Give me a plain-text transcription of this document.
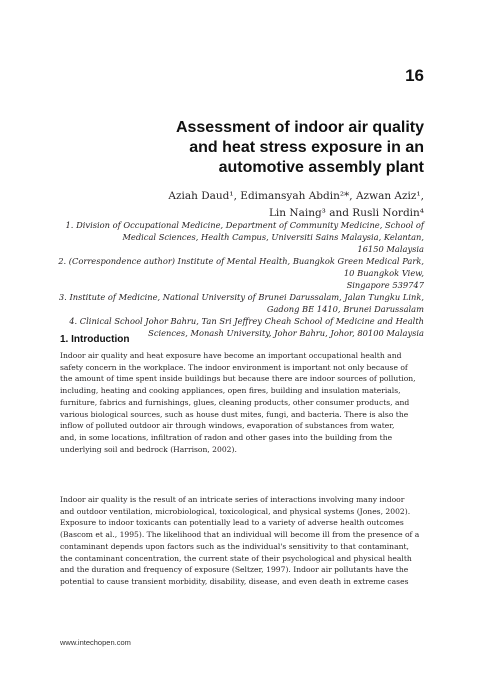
16
Assessment of indoor air quality
and heat stress exposure in an
automotive assembly plant
Aziah Daud¹, Edimansyah Abdin²*, Azwan Aziz¹,
Lin Naing³ and Rusli Nordin⁴
1. Division of Occupational Medicine, Department of Community Medicine, School of
Medical Sciences, Health Campus, Universiti Sains Malaysia, Kelantan,
16150 Malaysia
2. (Correspondence author) Institute of Mental Health, Buangkok Green Medical Park,
10 Buangkok View,
Singapore 539747
3. Institute of Medicine, National University of Brunei Darussalam, Jalan Tungku Link,
Gadong BE 1410, Brunei Darussalam
4. Clinical School Johor Bahru, Tan Sri Jeffrey Cheah School of Medicine and Health
Sciences, Monash University, Johor Bahru, Johor, 80100 Malaysia
1. Introduction
Indoor air quality and heat exposure have become an important occupational health and
safety concern in the workplace. The indoor environment is important not only because of
the amount of time spent inside buildings but because there are indoor sources of pollution,
including, heating and cooking appliances, open fires, building and insulation materials,
furniture, fabrics and furnishings, glues, cleaning products, other consumer products, and
various biological sources, such as house dust mites, fungi, and bacteria. There is also the
inflow of polluted outdoor air through windows, evaporation of substances from water,
and, in some locations, infiltration of radon and other gases into the building from the
underlying soil and bedrock (Harrison, 2002).
Indoor air quality is the result of an intricate series of interactions involving many indoor
and outdoor ventilation, microbiological, toxicological, and physical systems (Jones, 2002).
Exposure to indoor toxicants can potentially lead to a variety of adverse health outcomes
(Bascom et al., 1995). The likelihood that an individual will become ill from the presence of a
contaminant depends upon factors such as the individual's sensitivity to that contaminant,
the contaminant concentration, the current state of their psychological and physical health
and the duration and frequency of exposure (Seltzer, 1997). Indoor air pollutants have the
potential to cause transient morbidity, disability, disease, and even death in extreme cases
www.intechopen.com
